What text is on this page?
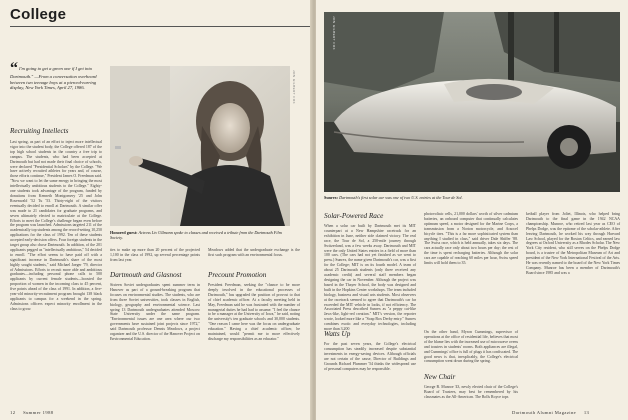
College
“I'm going to get a green one if I get into Dartmouth." —From a conversation overheard between two teenage boys at a pierced-earring display, New York Times, April 27, 1986.
Recruiting Intellects
Last spring, as part of an effort to inject more intellectual vigor into the student body, the College offered 187 of the top high school students in the country a free trip to campus. The students, who had been accepted at Dartmouth but had not made their final choice of schools, were declared "Presidential Scholars" by the College. "We have actively recruited athletes for years and, of course, those efforts continue," President James O. Freedman said. "Now we want to let the same energy in bringing the most intellectually ambitious students to the College." Eighty-one students took advantage of the program, funded by donations from Kenneth Montgomery '25 and John Rosenwald '52 Tu '53. Thirty-eight of the visitors eventually decided to enroll at Dartmouth. A similar offer was made to 21 candidates for graduate programs, and seven ultimately elected to matriculate at the College. Efforts to meet the College's challenge began even before the program was launched. Admissions targeted 211 of the academically top students among the record-setting 10,250 applications for the class of 1992. Ten of these students accepted early-decision offers. Four foreign students in the target group also chose Dartmouth. In addition, of the 201 applicants pegged as "intellectually ambitious," 54 decided to enroll. "The effort seems to have paid off with a significant increase in Dartmouth's share of the most highly sought students," said Michael Jaeger '79, director of Admissions. Efforts to recruit more able and ambitious graduates—including personal phone calls to 500 applicants by current female students—boosted the proportion of women in the incoming class to 45 percent, five points ahead of the class of 1991. In addition, a five-year-old minority-recruitment program brought 138 black applicants to campus for a weekend in the spring. Admissions officers expect minority enrollment in the class to grow.
JON GILBERT FOX
Honored guest: Actress Liv Ullmann spoke to classes and received a tribute from the Dartmouth Film Society.
ties to make up more than 20 percent of the projected 1,100 in the class of 1992, up several percentage points from last year.
Dartmouth and Glasnost
Sixteen Soviet undergraduates spent summer term in Hanover as part of a ground-breaking program that focuses on environmental studies. The students, who are from three Soviet universities, took classes in English, biology, geography and environmental science. Last spring 13 Dartmouth undergraduates attended Moscow State University under the same program. "Environmental issues are one area where our two governments have sustained joint projects since 1972," said Dartmouth professor Dennis Meadows, a project organizer and the U.S. director of the Hanover Project on Environmental Education.
Meadows added that the undergraduate exchange is the first such program with an environmental focus.
Precount Promotion
President Freedman, seeking the "chance to be more deeply involved in the educational processes of Dartmouth," has upgraded the position of provost to that of chief academic officer. At a faculty meeting held in May, Freedman said he was frustrated with the number of managerial duties he had had to assume. "I feel the chance to be a manager at the University of Iowa," he said, noting the university's ten graduate schools and 30,000 students. "One reason I came here was the focus on undergraduate education." Having a chief academic officer, he maintained, would "permit me to more effectively discharge my responsibilities as an educator."
12 Summer 1988
JON GILBERT FOX
Sunrex: Dartmouth's first solar car was one of two U.S. entries at the Tour de Sol.
Solar-Powered Race
When a solar car built by Dartmouth met its MIT counterpart at a New Hampshire racetrack for an exhibition in June, neither side claimed victory. The real race, the Tour de Sol, a 250-mile journey through Switzerland, was a few weeks away. Dartmouth and MIT were the only United States entries in a field of more than 100 cars. (The cars had not yet finished as we went to press.) Sunrex, the name given Dartmouth's car, was a first for the College; MIT is on its fourth model. A team of about 25 Dartmouth students (only three received any academic credit) and several staff members began designing the car in November. Although the project was based in the Thayer School, the body was designed and built in the Hopkins Center workshops. The team included biology, business and visual arts students. Most observers at the racetrack seemed to agree that Dartmouth's car far exceeded the MIT vehicle in looks, if not efficiency. The Associated Press described Sunrex as "a peppy cat-like Jaws-like, light-red creation." MIT's version, the reporter wrote, looked more like a "Soap Box Derby entry." Sunrex combines exotic and everyday technologies, including more than 3,200
Watts Up
For the past seven years, the College's electrical consumption has steadily increased despite substantial investments in energy-saving devices. Although officials are not certain of the cause, Director of Buildings and Grounds Richard Plummer '54 thinks the widespread use of personal computers may be responsible.
photovoltaic cells, 21,000 dollars' worth of silver cadmium batteries, an onboard computer that continually calculates optimum speed, a motor designed for the Marine Corps, a transmission from a Norton motorcycle, and Araocel bicycle tires. "This is a far more sophisticated system than anything I studied in class," said driver Dale Shiffer '88. The Swiss race, which is held annually, takes six days. The cars actually race only about two hours per day; the rest of the time is spent recharging batteries. Although the solar cars are capable of reaching 60 miles per hour, Swiss speed limits will hold them to 35.
On the other hand, Myron Cummings, supervisor of operations at the office of residential life, believes that most of the blame lies with the increased use of microwave ovens and toasters in students' rooms. Both appliances are illegal, and Cummings' office is full of plugs it has confiscated. The good news is that, inexplicably, the College's electrical consumption went down during the spring.
New Chair
George B. Munroe '43, newly elected chair of the College's Board of Trustees, may best be remembered by his classmates as the All-American. The Rolls Royce tops
ketball player from Joliet, Illinois, who helped bring Dartmouth to the final game in the 1942 NCAA championship. Munroe, who retired last year as CEO of Phelps Dodge, was the epitome of the scholar-athlete. After leaving Dartmouth, he worked his way through Harvard Law School, played for the Boston Celtics, and earned law degrees at Oxford University as a Rhodes Scholar. The New York City resident, who still serves on the Phelps Dodge board, is a trustee of the Metropolitan Museum of Art and president of the New York International Festival of the Arts. He was recently named to the board of the New York Times Company. Munroe has been a member of Dartmouth's Board since 1985 and was a
Dartmouth Alumni Magazine 13
